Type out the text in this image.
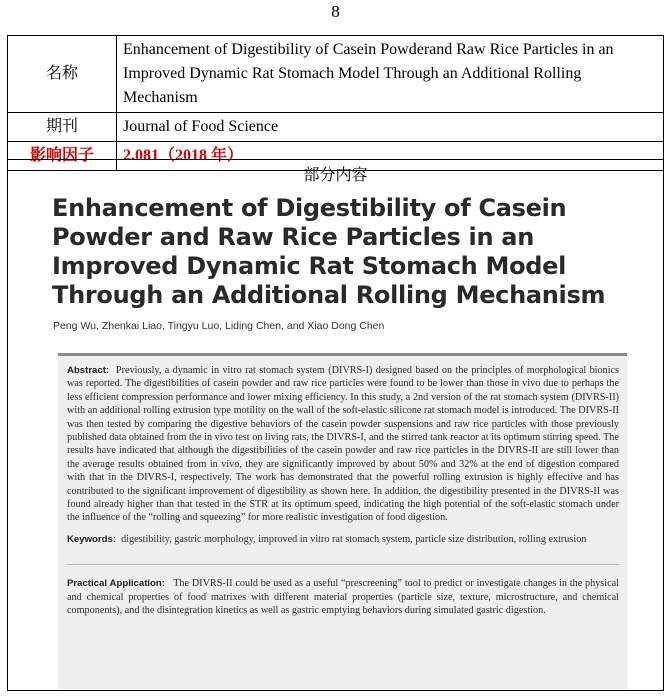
8
名称	Enhancement of Digestibility of Casein Powderand Raw Rice Particles in an Improved Dynamic Rat Stomach Model Through an Additional Rolling Mechanism
期刊	Journal of Food Science
影响因子	2.081（2018 年）
部分内容
Enhancement of Digestibility of Casein Powder and Raw Rice Particles in an Improved Dynamic Rat Stomach Model Through an Additional Rolling Mechanism
Peng Wu, Zhenkai Liao, Tingyu Luo, Liding Chen, and Xiao Dong Chen

Abstract: Previously, a dynamic in vitro rat stomach system (DIVRS-I) designed based on the principles of morphological bionics was reported. The digestibilities of casein powder and raw rice particles were found to be lower than those in vivo due to perhaps the less efficient compression performance and lower mixing efficiency. In this study, a 2nd version of the rat stomach system (DIVRS-II) with an additional rolling extrusion type motility on the wall of the soft-elastic silicone rat stomach model is introduced. The DIVRS-II was then tested by comparing the digestive behaviors of the casein powder suspensions and raw rice particles with those previously published data obtained from the in vivo test on living rats, the DIVRS-I, and the stirred tank reactor at its optimum stirring speed. The results have indicated that although the digestibilities of the casein powder and raw rice particles in the DIVRS-II are still lower than the average results obtained from in vivo, they are significantly improved by about 50% and 32% at the end of digestion compared with that in the DIVRS-I, respectively. The work has demonstrated that the powerful rolling extrusion is highly effective and has contributed to the significant improvement of digestibility as shown here. In addition, the digestibility presented in the DIVRS-II was found already higher than that tested in the STR at its optimum speed, indicating the high potential of the soft-elastic stomach under the influence of the “rolling and squeezing” for more realistic investigation of food digestion.

Keywords: digestibility, gastric morphology, improved in vitro rat stomach system, particle size distribution, rolling extrusion

Practical Application: The DIVRS-II could be used as a useful “prescreening” tool to predict or investigate changes in the physical and chemical properties of food matrixes with different material properties (particle size, texture, microstructure, and chemical components), and the disintegration kinetics as well as gastric emptying behaviors during simulated gastric digestion.
